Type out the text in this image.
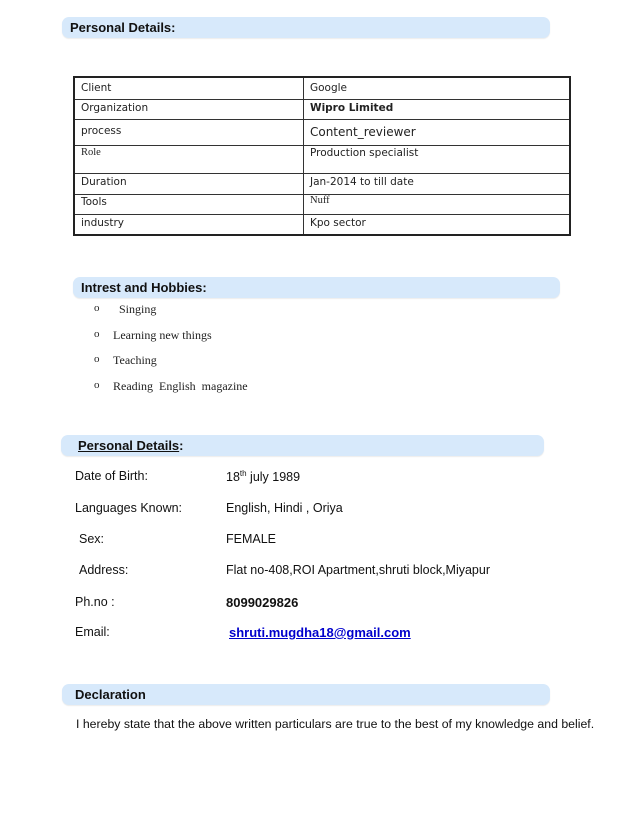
Personal Details:
Client	Google
Organization	Wipro Limited
process	Content_reviewer
Role	Production specialist
Duration	Jan-2014 to till date
Tools	Nuff
industry	Kpo sector
Intrest and Hobbies:
o Singing
o Learning new things
o Teaching
o Reading  English  magazine
Personal Details:
Date of Birth:	18th july 1989
Languages Known:	English, Hindi , Oriya
Sex:	FEMALE
Address:	Flat no-408,ROI Apartment,shruti block,Miyapur
Ph.no :	8099029826
Email:	shruti.mugdha18@gmail.com
Declaration
I hereby state that the above written particulars are true to the best of my knowledge and belief.
